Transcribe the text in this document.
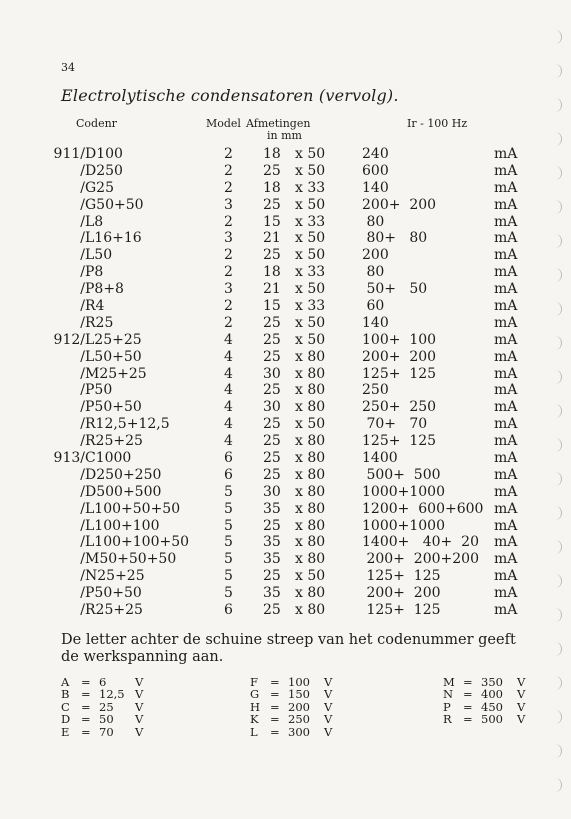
34
Electrolytische condensatoren (vervolg).
Codenr	Model Afmetingen
in mm
Ir - 100 Hz
911/ D100	2 18 x 50	240	mA
/ D250	2 25 x 50	600	mA
/ G25	2 18 x 33	140	mA
/ G50+50	3 25 x 50	200+  200	mA
/ L8	2 15 x 33	80	mA
/ L16+16	3 21 x 50	80+   80	mA
/ L50	2 25 x 50	200	mA
/ P8	2 18 x 33	80	mA
/ P8+8	3 21 x 50	50+   50	mA
/ R4	2 15 x 33	60	mA
/ R25	2 25 x 50	140	mA
912/ L25+25	4 25 x 50	100+  100	mA
/ L50+50	4 25 x 80	200+  200	mA
/ M25+25	4 30 x 80	125+  125	mA
/ P50	4 25 x 80	250	mA
/ P50+50	4 30 x 80	250+  250	mA
/ R12,5+12,5	4 25 x 50	70+   70	mA
/ R25+25	4 25 x 80	125+  125	mA
913/ C1000	6 25 x 80	1400	mA
/ D250+250	6 25 x 80	500+  500	mA
/ D500+500	5 30 x 80	1000+1000	mA
/ L100+50+50	5 35 x 80	1200+  600+600 mA
/ L100+100	5 25 x 80	1000+1000	mA
/ L100+100+50 5 35 x 80	1400+   40+  20 mA
/ M50+50+50	5 35 x 80	200+  200+200 mA
/ N25+25	5 25 x 50	125+  125	mA
/ P50+50	5 35 x 80	200+  200	mA
/ R25+25	6 25 x 80	125+  125	mA
De letter achter de schuine streep van het codenummer geeft de werkspanning aan.
A = 6 V
B = 12,5 V
C = 25 V
D = 50 V
E = 70 V
F = 100 V
G = 150 V
H = 200 V
K = 250 V
L = 300 V
M = 350 V
N = 400 V
P = 450 V
R = 500 V
